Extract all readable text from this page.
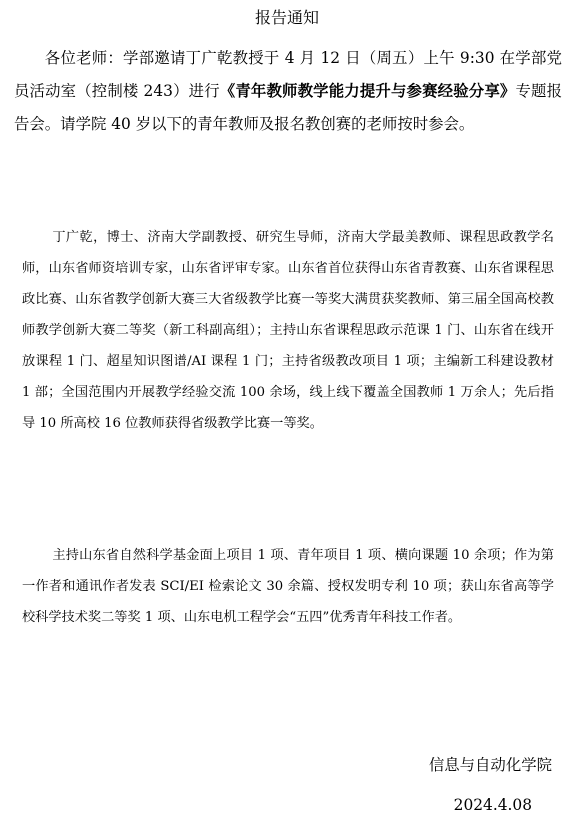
报告通知

各位老师：学部邀请丁广乾教授于 4 月 12 日（周五）上午 9:30 在学部党员活动室（控制楼 243）进行《青年教师教学能力提升与参赛经验分享》专题报告会。请学院 40 岁以下的青年教师及报名教创赛的老师按时参会。

丁广乾，博士、济南大学副教授、研究生导师，济南大学最美教师、课程思政教学名师，山东省师资培训专家，山东省评审专家。山东省首位获得山东省青教赛、山东省课程思政比赛、山东省教学创新大赛三大省级教学比赛一等奖大满贯获奖教师、第三届全国高校教师教学创新大赛二等奖（新工科副高组）；主持山东省课程思政示范课 1 门、山东省在线开放课程 1 门、超星知识图谱/AI 课程 1 门；主持省级教改项目 1 项；主编新工科建设教材 1 部；全国范围内开展教学经验交流 100 余场，线上线下覆盖全国教师 1 万余人；先后指导 10 所高校 16 位教师获得省级教学比赛一等奖。

主持山东省自然科学基金面上项目 1 项、青年项目 1 项、横向课题 10 余项；作为第一作者和通讯作者发表 SCI/EI 检索论文 30 余篇、授权发明专利 10 项；获山东省高等学校科学技术奖二等奖 1 项、山东电机工程学会“五四”优秀青年科技工作者。

信息与自动化学院

2024.4.08
